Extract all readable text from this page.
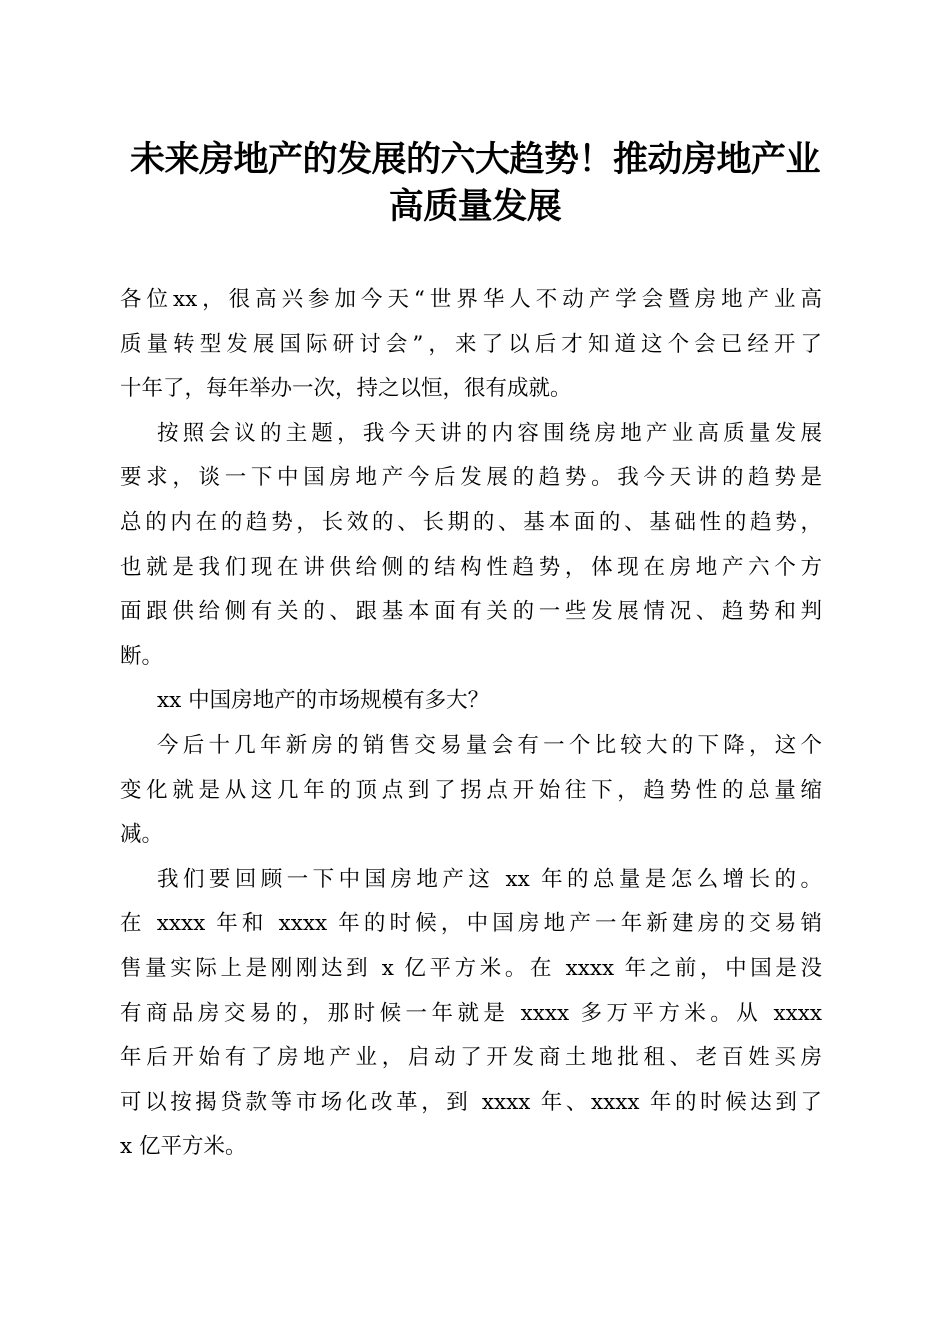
未来房地产的发展的六大趋势！推动房地产业
高质量发展
各位xx，很高兴参加今天“世界华人不动产学会暨房地产业高
质量转型发展国际研讨会”，来了以后才知道这个会已经开了
十年了，每年举办一次，持之以恒，很有成就。
按照会议的主题，我今天讲的内容围绕房地产业高质量发展
要求，谈一下中国房地产今后发展的趋势。我今天讲的趋势是
总的内在的趋势，长效的、长期的、基本面的、基础性的趋势，
也就是我们现在讲供给侧的结构性趋势，体现在房地产六个方
面跟供给侧有关的、跟基本面有关的一些发展情况、趋势和判
断。
xx 中国房地产的市场规模有多大？
今后十几年新房的销售交易量会有一个比较大的下降，这个
变化就是从这几年的顶点到了拐点开始往下，趋势性的总量缩
减。
我们要回顾一下中国房地产这 xx 年的总量是怎么增长的。
在 xxxx 年和 xxxx 年的时候，中国房地产一年新建房的交易销
售量实际上是刚刚达到 x 亿平方米。在 xxxx 年之前，中国是没
有商品房交易的，那时候一年就是 xxxx 多万平方米。从 xxxx
年后开始有了房地产业，启动了开发商土地批租、老百姓买房
可以按揭贷款等市场化改革，到 xxxx 年、xxxx 年的时候达到了
x 亿平方米。
